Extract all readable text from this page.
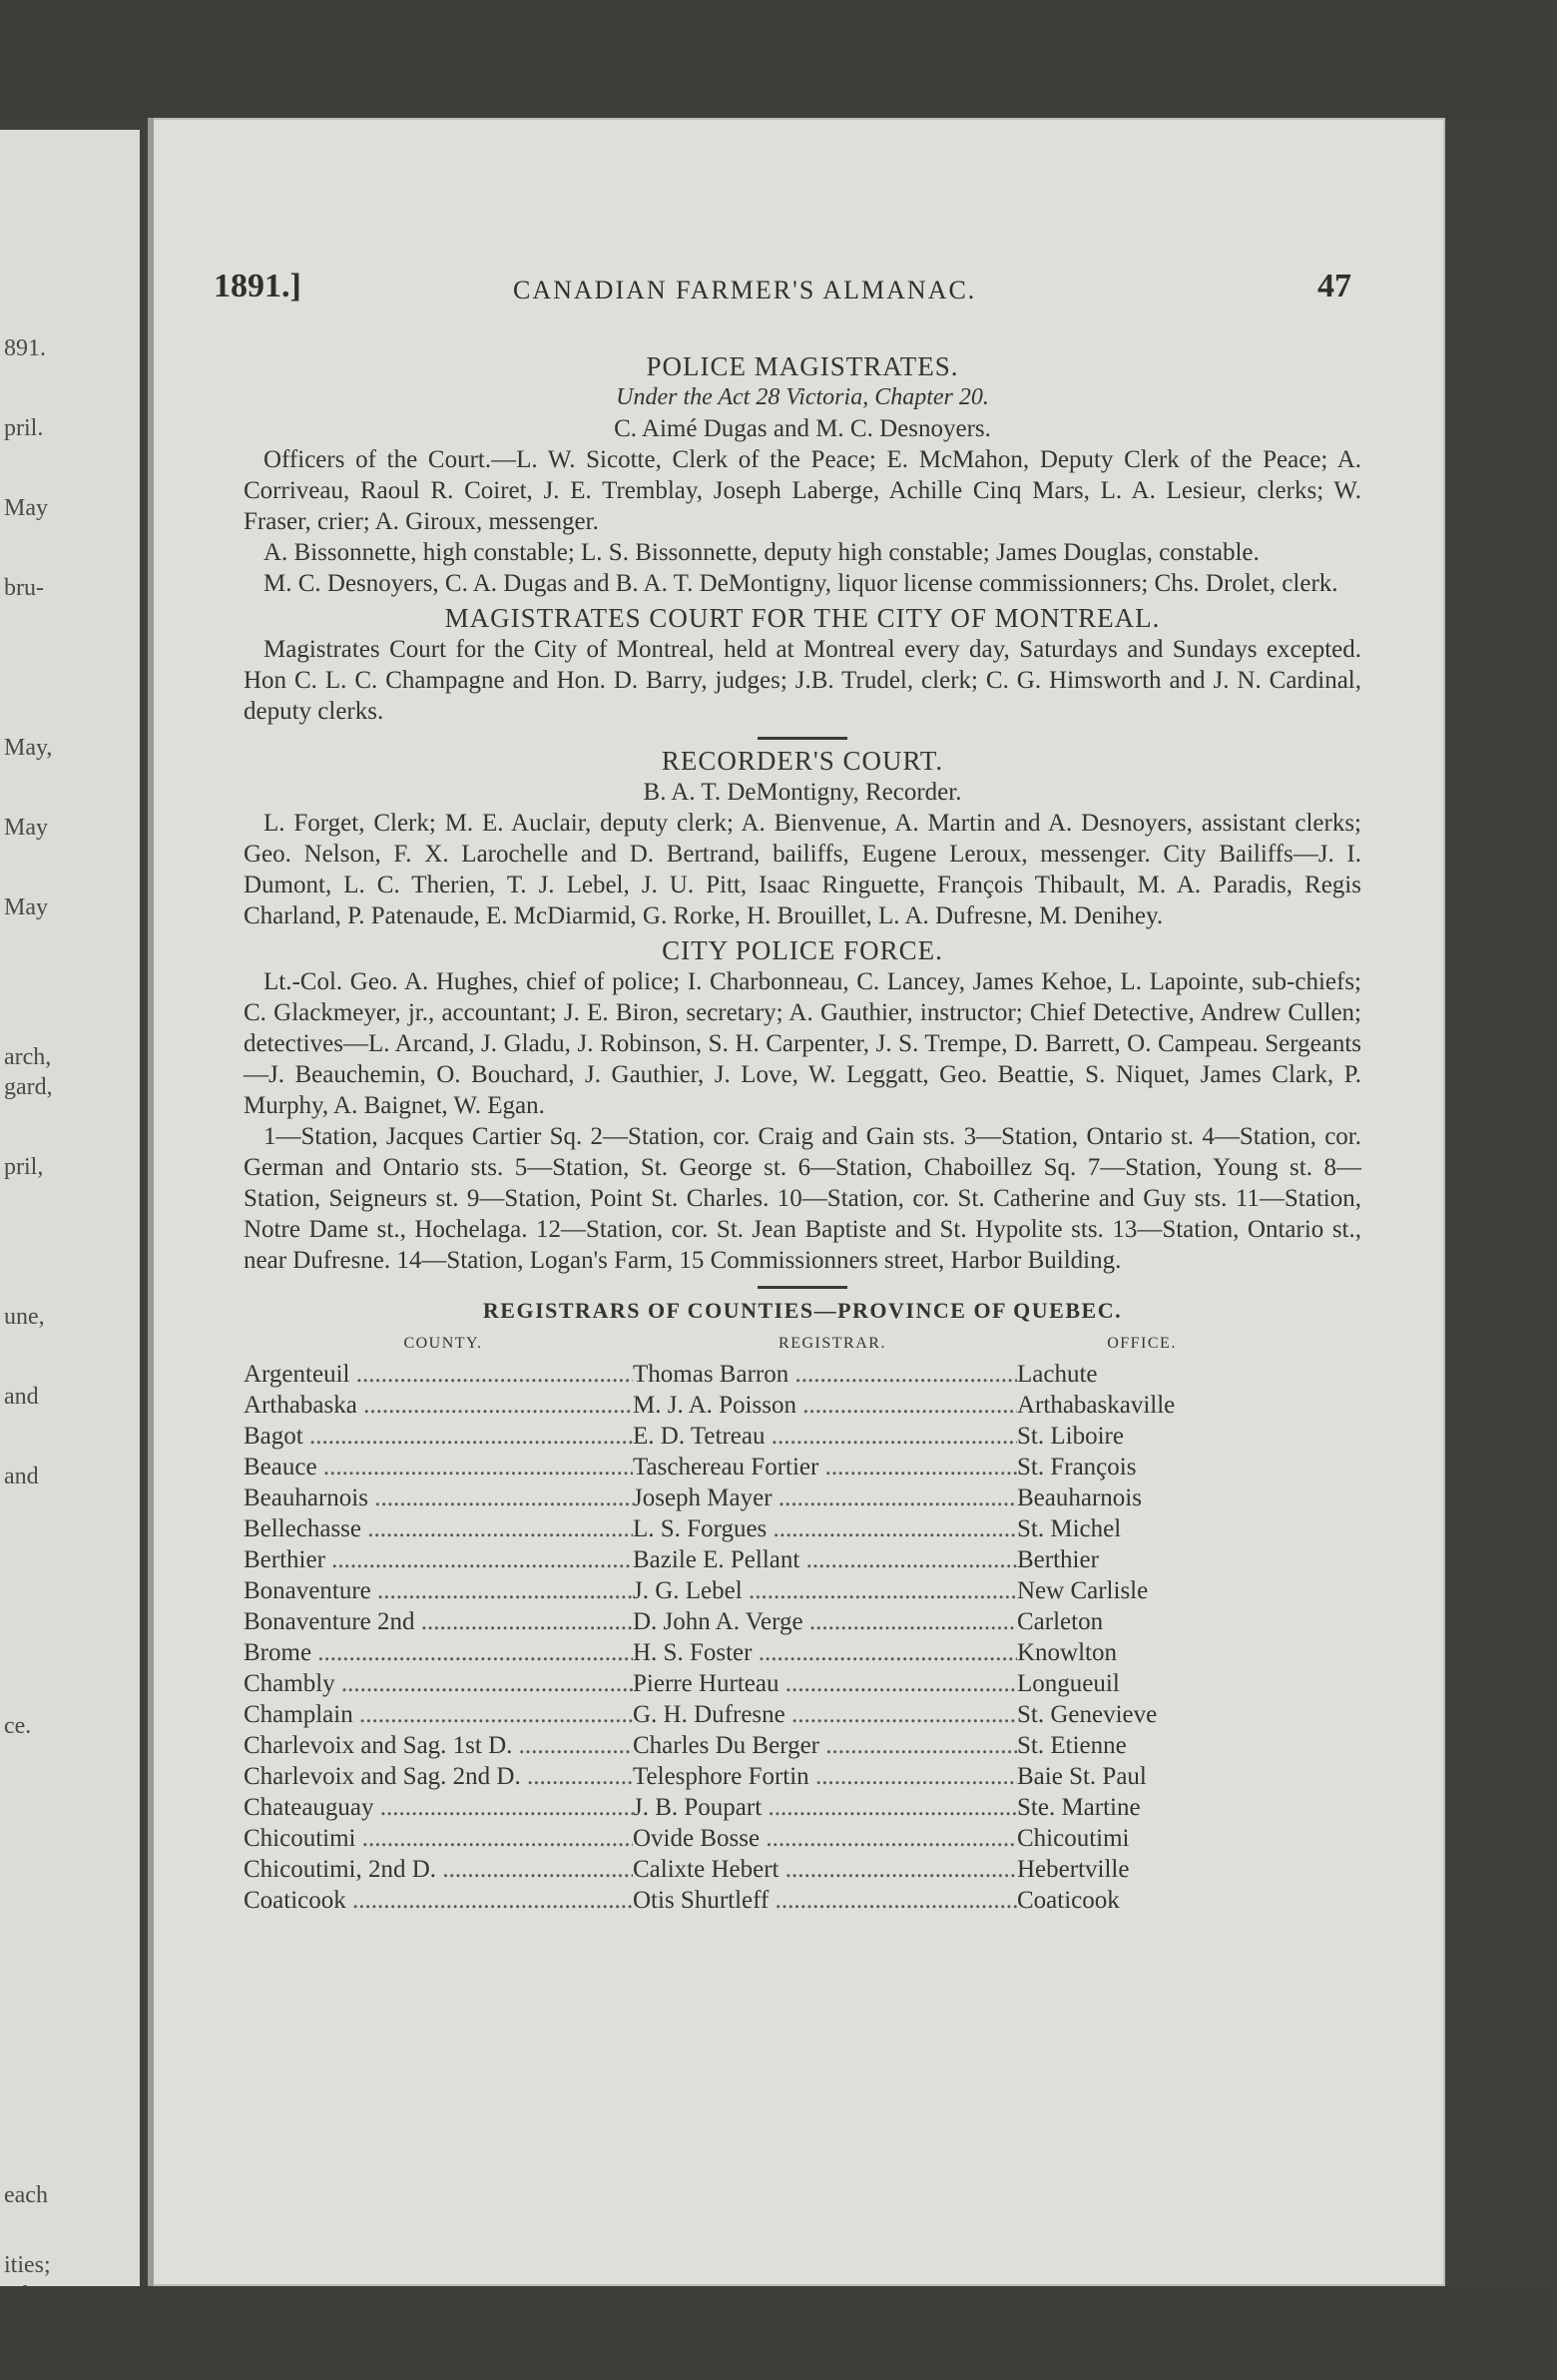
891.
pril.
May
bru-
May,
May
May
arch,
gard,
pril,
une,
and
and
ce.
each
ities;
1891.]	CANADIAN FARMER'S ALMANAC.	47
POLICE MAGISTRATES.
Under the Act 28 Victoria, Chapter 20.
C. Aimé Dugas and M. C. Desnoyers.

Officers of the Court.—L. W. Sicotte, Clerk of the Peace; E. McMahon, Deputy Clerk of the Peace; A. Corriveau, Raoul R. Coiret, J. E. Tremblay, Joseph Laberge, Achille Cinq Mars, L. A. Lesieur, clerks; W. Fraser, crier; A. Giroux, messenger.

A. Bissonnette, high constable; L. S. Bissonnette, deputy high constable; James Douglas, constable.

M. C. Desnoyers, C. A. Dugas and B. A. T. DeMontigny, liquor license commissionners; Chs. Drolet, clerk.

MAGISTRATES COURT FOR THE CITY OF MONTREAL.

Magistrates Court for the City of Montreal, held at Montreal every day, Saturdays and Sundays excepted. Hon C. L. C. Champagne and Hon. D. Barry, judges; J.B. Trudel, clerk; C. G. Himsworth and J. N. Cardinal, deputy clerks.

RECORDER'S COURT.
B. A. T. DeMontigny, Recorder.

L. Forget, Clerk; M. E. Auclair, deputy clerk; A. Bienvenue, A. Martin and A. Desnoyers, assistant clerks; Geo. Nelson, F. X. Larochelle and D. Bertrand, bailiffs, Eugene Leroux, messenger. City Bailiffs—J. I. Dumont, L. C. Therien, T. J. Lebel, J. U. Pitt, Isaac Ringuette, François Thibault, M. A. Paradis, Regis Charland, P. Patenaude, E. McDiarmid, G. Rorke, H. Brouillet, L. A. Dufresne, M. Denihey.

CITY POLICE FORCE.

Lt.-Col. Geo. A. Hughes, chief of police; I. Charbonneau, C. Lancey, James Kehoe, L. Lapointe, sub-chiefs; C. Glackmeyer, jr., accountant; J. E. Biron, secretary; A. Gauthier, instructor; Chief Detective, Andrew Cullen; detectives—L. Arcand, J. Gladu, J. Robinson, S. H. Carpenter, J. S. Trempe, D. Barrett, O. Campeau. Sergeants—J. Beauchemin, O. Bouchard, J. Gauthier, J. Love, W. Leggatt, Geo. Beattie, S. Niquet, James Clark, P. Murphy, A. Baignet, W. Egan.

1—Station, Jacques Cartier Sq. 2—Station, cor. Craig and Gain sts. 3—Station, Ontario st. 4—Station, cor. German and Ontario sts. 5—Station, St. George st. 6—Station, Chaboillez Sq. 7—Station, Young st. 8—Station, Seigneurs st. 9—Station, Point St. Charles. 10—Station, cor. St. Catherine and Guy sts. 11—Station, Notre Dame st., Hochelaga. 12—Station, cor. St. Jean Baptiste and St. Hypolite sts. 13—Station, Ontario st., near Dufresne. 14—Station, Logan's Farm, 15 Commissionners street, Harbor Building.

REGISTRARS OF COUNTIES—PROVINCE OF QUEBEC.
COUNTY.	REGISTRAR.	OFFICE.
Argenteuil .....	Thomas Barron .....	Lachute
Arthabaska .....	M. J. A. Poisson .....	Arthabaskaville
Bagot .....	E. D. Tetreau .....	St. Liboire
Beauce .....	Taschereau Fortier .....	St. François
Beauharnois .....	Joseph Mayer .....	Beauharnois
Bellechasse .....	L. S. Forgues .....	St. Michel
Berthier .....	Bazile E. Pellant .....	Berthier
Bonaventure .....	J. G. Lebel .....	New Carlisle
Bonaventure 2nd .....	D. John A. Verge .....	Carleton
Brome .....	H. S. Foster .....	Knowlton
Chambly .....	Pierre Hurteau .....	Longueuil
Champlain .....	G. H. Dufresne .....	St. Genevieve
Charlevoix and Sag. 1st D. .....	Charles Du Berger .....	St. Etienne
Charlevoix and Sag. 2nd D. .....	Telesphore Fortin .....	Baie St. Paul
Chateauguay .....	J. B. Poupart .....	Ste. Martine
Chicoutimi .....	Ovide Bosse .....	Chicoutimi
Chicoutimi, 2nd D. .....	Calixte Hebert .....	Hebertville
Coaticook .....	Otis Shurtleff .....	Coaticook
